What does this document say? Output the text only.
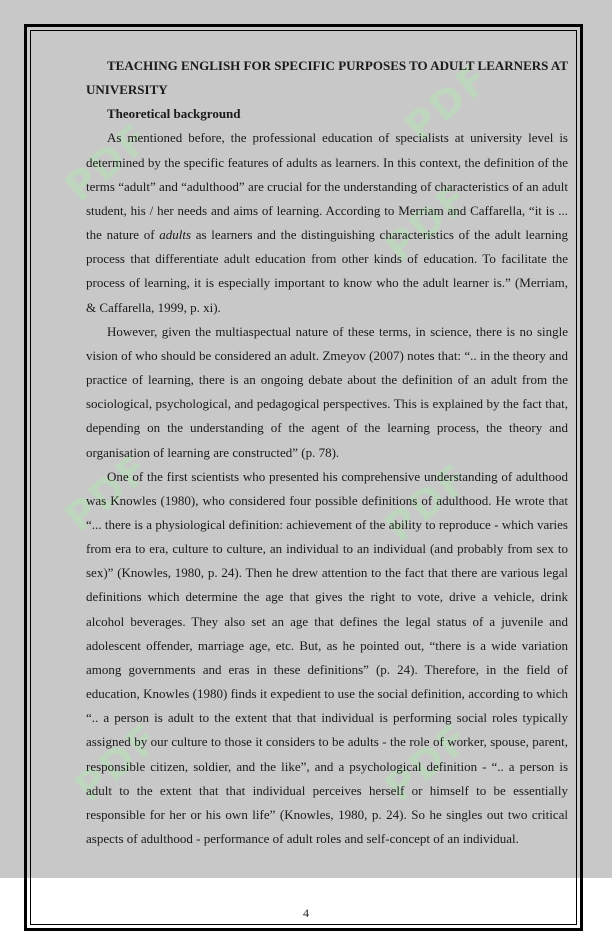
PDF
PDF
PDF
PDF	PDF
PDF	PDF

TEACHING ENGLISH FOR SPECIFIC PURPOSES TO ADULT LEARNERS AT UNIVERSITY

Theoretical background

As mentioned before, the professional education of specialists at university level is determined by the specific features of adults as learners. In this context, the definition of the terms “adult” and “adulthood” are crucial for the understanding of characteristics of an adult student, his / her needs and aims of learning. According to Merriam and Caffarella, “it is ... the nature of adults as learners and the distinguishing characteristics of the adult learning process that differentiate adult education from other kinds of education. To facilitate the process of learning, it is especially important to know who the adult learner is.” (Merriam, & Caffarella, 1999, p. xi).

However, given the multiaspectual nature of these terms, in science, there is no single vision of who should be considered an adult. Zmeyov (2007) notes that: “.. in the theory and practice of learning, there is an ongoing debate about the definition of an adult from the sociological, psychological, and pedagogical perspectives. This is explained by the fact that, depending on the understanding of the agent of the learning process, the theory and organisation of learning are constructed” (p. 78).

One of the first scientists who presented his comprehensive understanding of adulthood was Knowles (1980), who considered four possible definitions of adulthood. He wrote that “... there is a physiological definition: achievement of the ability to reproduce - which varies from era to era, culture to culture, an individual to an individual (and probably from sex to sex)” (Knowles, 1980, p. 24). Then he drew attention to the fact that there are various legal definitions which determine the age that gives the right to vote, drive a vehicle, drink alcohol beverages. They also set an age that defines the legal status of a juvenile and adolescent offender, marriage age, etc. But, as he pointed out, “there is a wide variation among governments and eras in these definitions” (p. 24). Therefore, in the field of education, Knowles (1980) finds it expedient to use the social definition, according to which “.. a person is adult to the extent that that individual is performing social roles typically assigned by our culture to those it considers to be adults - the role of worker, spouse, parent, responsible citizen, soldier, and the like”, and a psychological definition - “.. a person is adult to the extent that that individual perceives herself or himself to be essentially responsible for her or his own life” (Knowles, 1980, p. 24). So he singles out two critical aspects of adulthood - performance of adult roles and self-concept of an individual.

4
